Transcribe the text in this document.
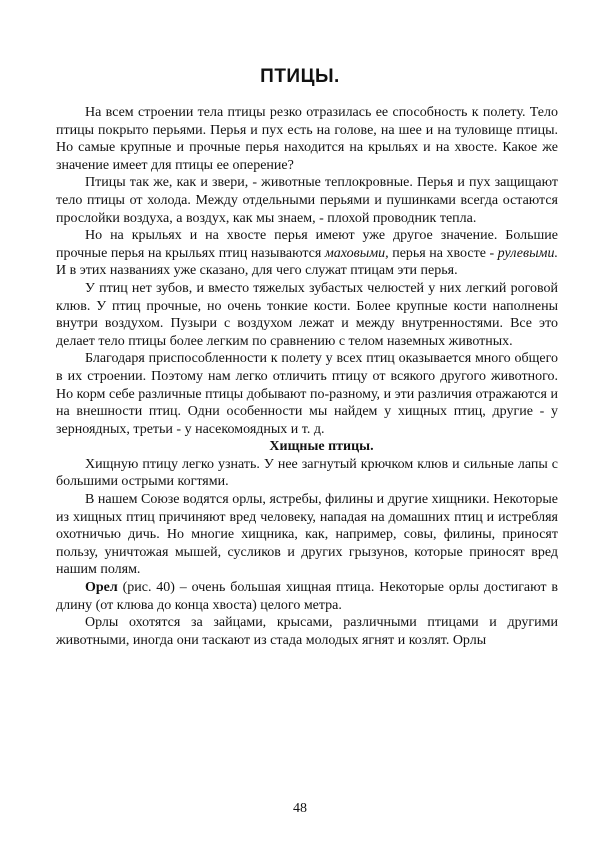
ПТИЦЫ.

На всем строении тела птицы резко отразилась ее способность к полету. Тело птицы покрыто перьями. Перья и пух есть на голове, на шее и на туловище птицы. Но самые крупные и прочные перья находится на крыльях и на хвосте. Какое же значение имеет для птицы ее оперение?

Птицы так же, как и звери, - животные теплокровные. Перья и пух защищают тело птицы от холода. Между отдельными перьями и пушинками всегда остаются прослойки воздуха, а воздух, как мы знаем, - плохой проводник тепла.

Но на крыльях и на хвосте перья имеют уже другое значение. Большие прочные перья на крыльях птиц называются маховыми, перья на хвосте - рулевыми. И в этих названиях уже сказано, для чего служат птицам эти перья.

У птиц нет зубов, и вместо тяжелых зубастых челюстей у них легкий роговой клюв. У птиц прочные, но очень тонкие кости. Более крупные кости наполнены внутри воздухом. Пузыри с воздухом лежат и между внутренностями. Все это делает тело птицы более легким по сравнению с телом наземных животных.

Благодаря приспособленности к полету у всех птиц оказывается много общего в их строении. Поэтому нам легко отличить птицу от всякого другого животного. Но корм себе различные птицы добывают по-разному, и эти различия отражаются и на внешности птиц. Одни особенности мы найдем у хищных птиц, другие - у зерноядных, третьи - у насекомоядных и т. д.

Хищные птицы.

Хищную птицу легко узнать. У нее загнутый крючком клюв и сильные лапы с большими острыми когтями.

В нашем Союзе водятся орлы, ястребы, филины и другие хищники. Некоторые из хищных птиц причиняют вред человеку, нападая на домашних птиц и истребляя охотничью дичь. Но многие хищника, как, например, совы, филины, приносят пользу, уничтожая мышей, сусликов и других грызунов, которые приносят вред нашим полям.

Орел (рис. 40) – очень большая хищная птица. Некоторые орлы достигают в длину (от клюва до конца хвоста) целого метра.

Орлы охотятся за зайцами, крысами, различными птицами и другими животными, иногда они таскают из стада молодых ягнят и козлят. Орлы

48
